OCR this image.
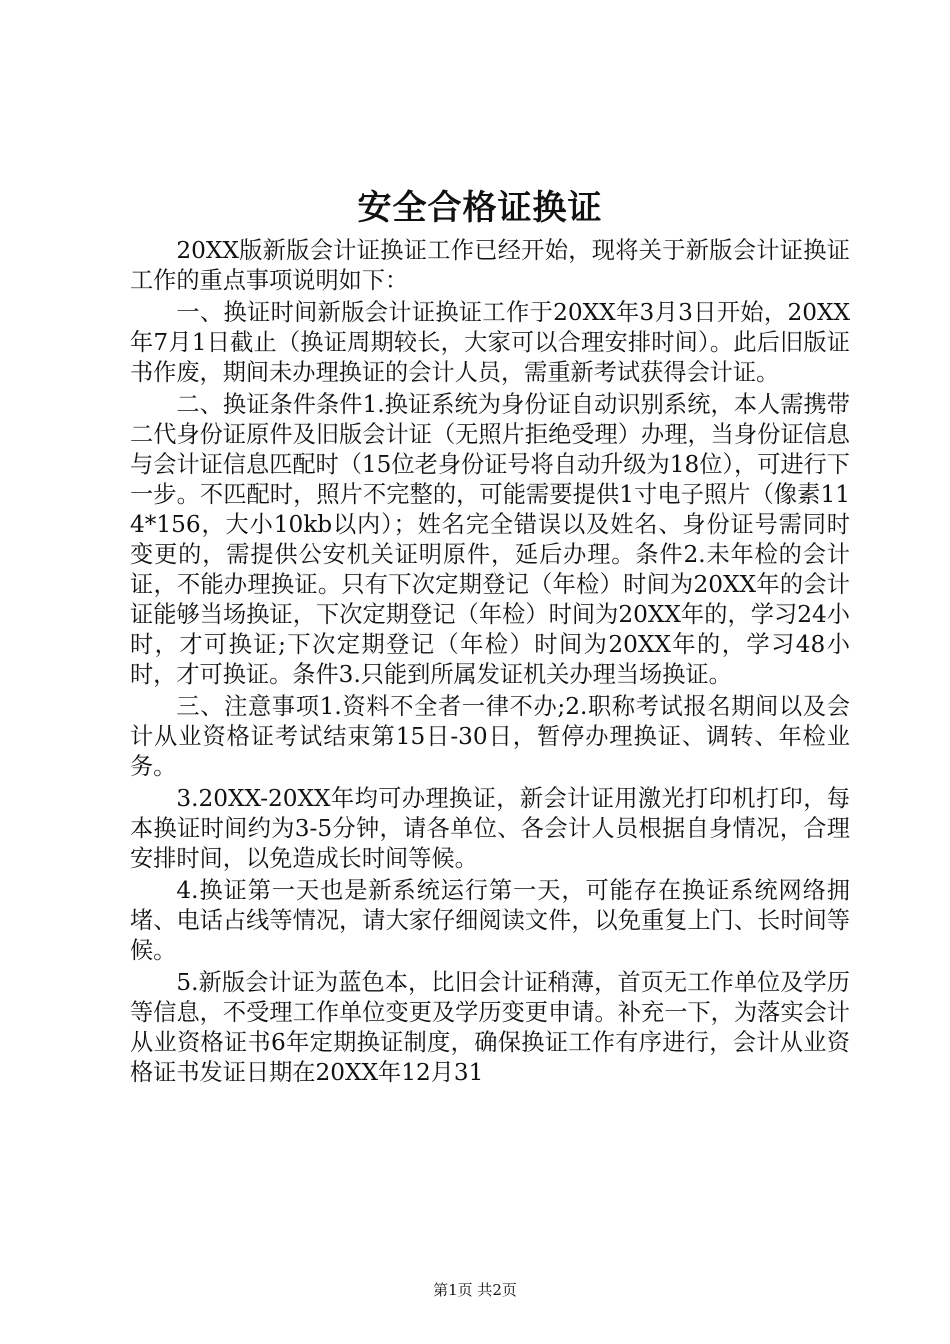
安全合格证换证

20XX版新版会计证换证工作已经开始，现将关于新版会计证换证工作的重点事项说明如下：

一、换证时间新版会计证换证工作于20XX年3月3日开始，20XX年7月1日截止（换证周期较长，大家可以合理安排时间）。此后旧版证书作废，期间未办理换证的会计人员，需重新考试获得会计证。

二、换证条件条件1.换证系统为身份证自动识别系统，本人需携带二代身份证原件及旧版会计证（无照片拒绝受理）办理，当身份证信息与会计证信息匹配时（15位老身份证号将自动升级为18位），可进行下一步。不匹配时，照片不完整的，可能需要提供1寸电子照片（像素114*156，大小10kb以内）；姓名完全错误以及姓名、身份证号需同时变更的，需提供公安机关证明原件，延后办理。条件2.未年检的会计证，不能办理换证。只有下次定期登记（年检）时间为20XX年的会计证能够当场换证，下次定期登记（年检）时间为20XX年的，学习24小时，才可换证;下次定期登记（年检）时间为20XX年的，学习48小时，才可换证。条件3.只能到所属发证机关办理当场换证。

三、注意事项1.资料不全者一律不办;2.职称考试报名期间以及会计从业资格证考试结束第15日-30日，暂停办理换证、调转、年检业务。

3.20XX-20XX年均可办理换证，新会计证用激光打印机打印，每本换证时间约为3-5分钟，请各单位、各会计人员根据自身情况，合理安排时间，以免造成长时间等候。

4.换证第一天也是新系统运行第一天，可能存在换证系统网络拥堵、电话占线等情况，请大家仔细阅读文件，以免重复上门、长时间等候。

5.新版会计证为蓝色本，比旧会计证稍薄，首页无工作单位及学历等信息，不受理工作单位变更及学历变更申请。补充一下，为落实会计从业资格证书6年定期换证制度，确保换证工作有序进行，会计从业资格证书发证日期在20XX年12月31

第1页 共2页
